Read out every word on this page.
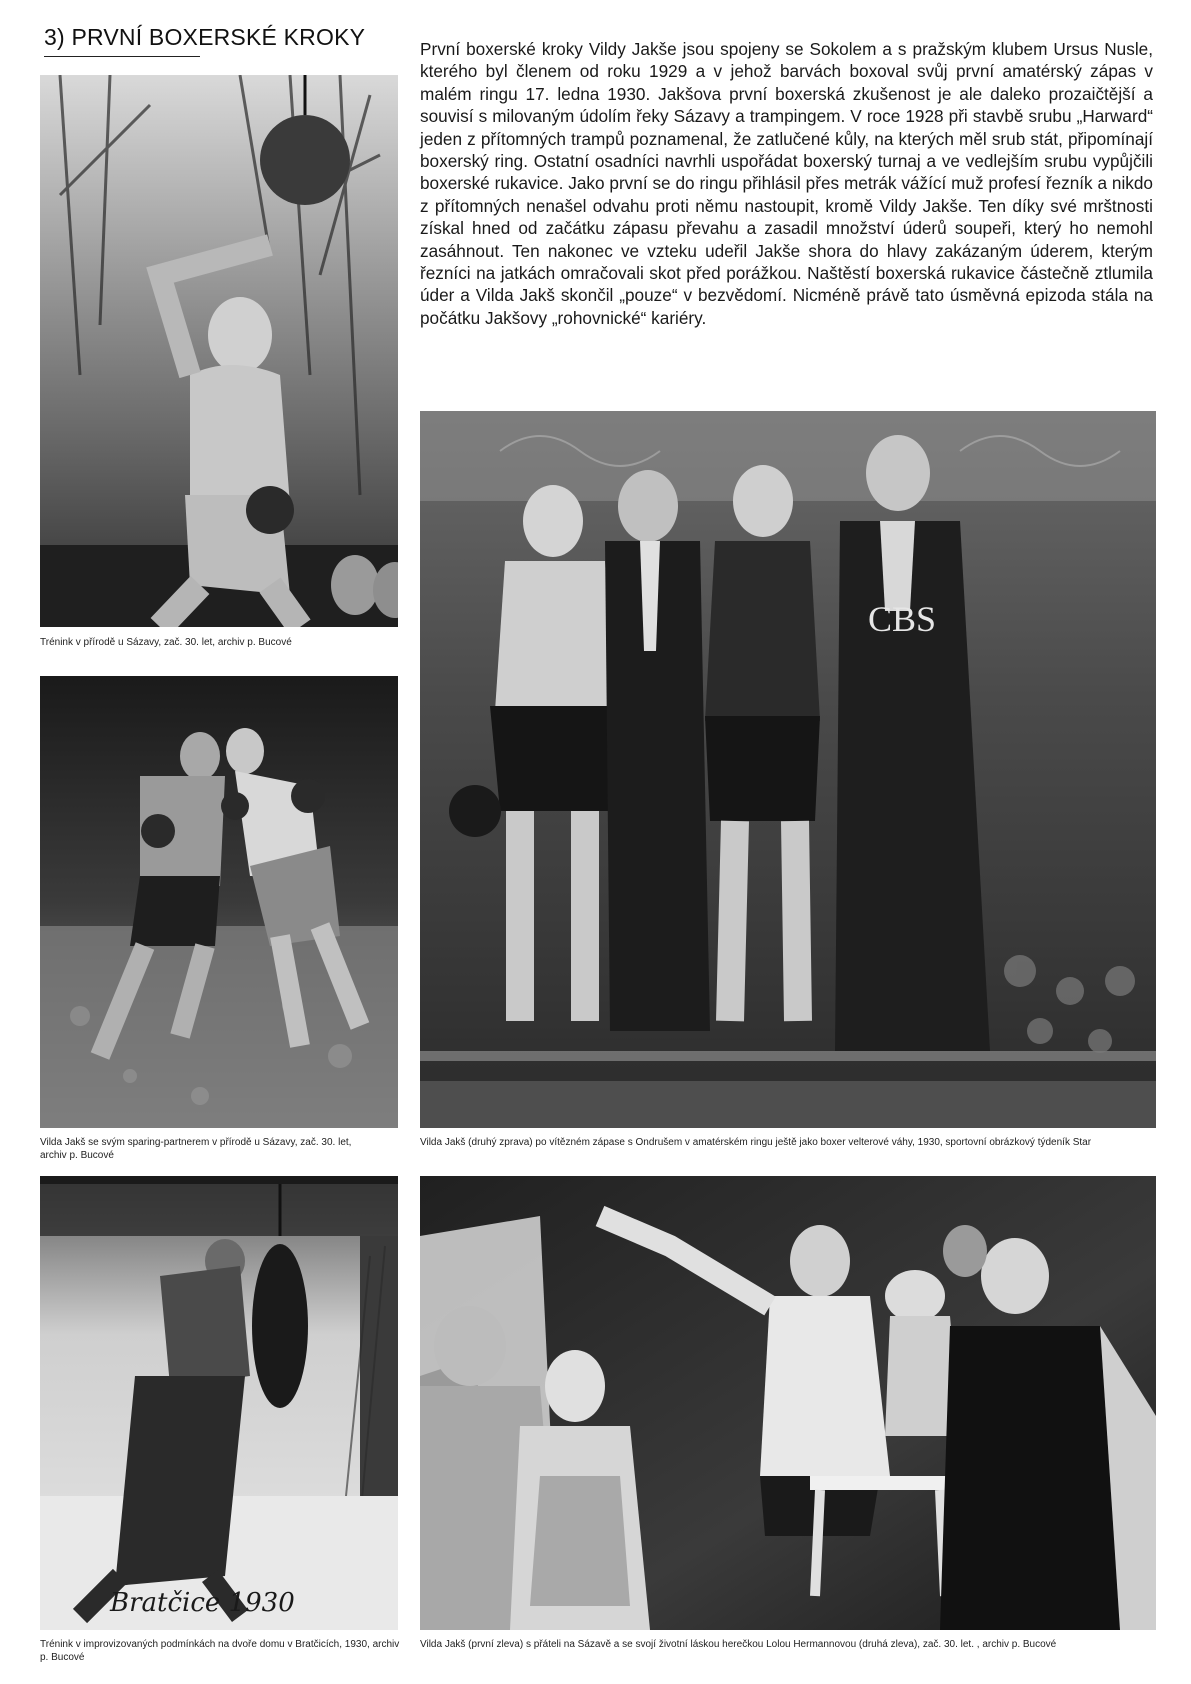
3) PRVNÍ BOXERSKÉ KROKY	První boxerské kroky Vildy Jakše jsou spojeny se Sokolem a s pražským klubem Ursus Nusle, kterého byl členem od roku 1929 a v jehož barvách boxoval svůj první amatérský zápas v malém ringu 17. ledna 1930. Jakšova první boxerská zkušenost je ale daleko prozaičtější a souvisí s milovaným údolím řeky Sázavy a trampingem. V roce 1928 při stavbě srubu „Harward“ jeden z přítomných trampů poznamenal, že zatlučené kůly, na kterých měl srub stát, připomínají boxerský ring. Ostatní osadníci navrhli uspořádat boxerský turnaj a ve vedlejším srubu vypůjčili boxerské rukavice. Jako první se do ringu přihlásil přes metrák vážící muž profesí řezník a nikdo z přítomných nenašel odvahu proti němu nastoupit, kromě Vildy Jakše. Ten díky své mrštnosti získal hned od začátku zápasu převahu a zasadil množství úderů soupeři, který ho nemohl zasáhnout. Ten nakonec ve vzteku udeřil Jakše shora do hlavy zakázaným úderem, kterým řezníci na jatkách omračovali skot před porážkou. Naštěstí boxerská rukavice částečně ztlumila úder a Vilda Jakš skončil „pouze“ v bezvědomí. Nicméně právě tato úsměvná epizoda stála na počátku Jakšovy „rohovnické“ kariéry.

Trénink v přírodě u Sázavy, zač. 30. let, archiv p. Bucové

Vilda Jakš se svým sparing-partnerem v přírodě u Sázavy, zač. 30. let, archiv p. Bucové

CBS

Vilda Jakš (druhý zprava) po vítězném zápase s Ondrušem v amatérském ringu ještě jako boxer velterové váhy, 1930, sportovní obrázkový týdeník Star

Bratčice 1930

Trénink v improvizovaných podmínkách na dvoře domu v Bratčicích, 1930, archiv p. Bucové

Vilda Jakš (první zleva) s přáteli na Sázavě a se svojí životní láskou herečkou Lolou Hermannovou (druhá zleva), zač. 30. let. , archiv p. Bucové
